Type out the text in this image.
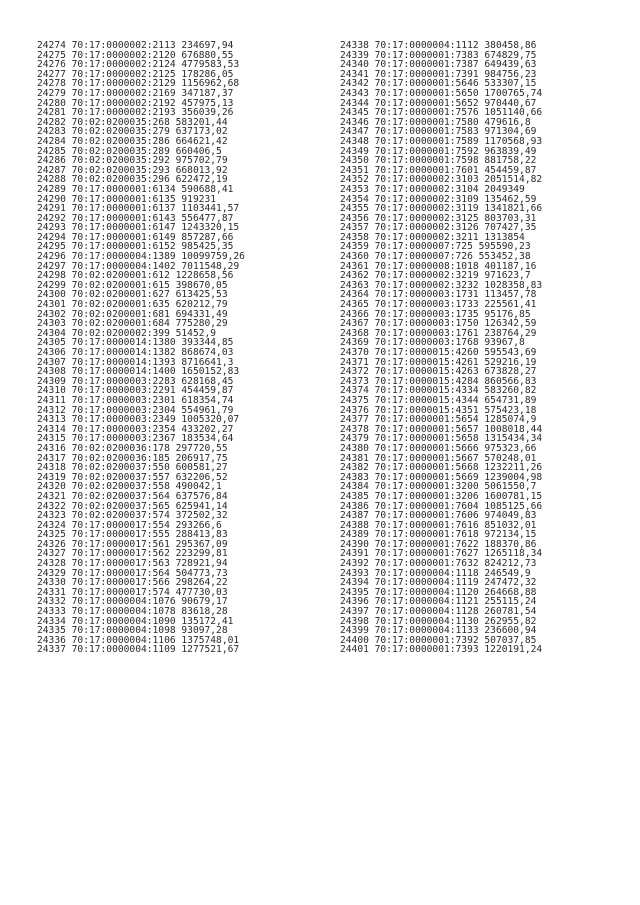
24274 70:17:0000002:2113 234697,94
24275 70:17:0000002:2120 676880,55
24276 70:17:0000002:2124 4779583,53
24277 70:17:0000002:2125 178286,05
24278 70:17:0000002:2129 1156962,68
24279 70:17:0000002:2169 347187,37
24280 70:17:0000002:2192 457975,13
24281 70:17:0000002:2193 356039,26
24282 70:02:0200035:268 583201,44
24283 70:02:0200035:279 637173,02
24284 70:02:0200035:286 664621,42
24285 70:02:0200035:289 660406,5
24286 70:02:0200035:292 975702,79
24287 70:02:0200035:293 668013,92
24288 70:02:0200035:296 622472,19
24289 70:17:0000001:6134 590688,41
24290 70:17:0000001:6135 919231
24291 70:17:0000001:6137 1103441,57
24292 70:17:0000001:6143 556477,87
24293 70:17:0000001:6147 1243320,15
24294 70:17:0000001:6149 857287,66
24295 70:17:0000001:6152 985425,35
24296 70:17:0000004:1389 10099759,26
24297 70:17:0000004:1402 7011548,29
24298 70:02:0200001:612 1228658,56
24299 70:02:0200001:615 398670,05
24300 70:02:0200001:627 613425,53
24301 70:02:0200001:635 620212,79
24302 70:02:0200001:681 694331,49
24303 70:02:0200001:684 775280,29
24304 70:02:0200002:399 51452,9
24305 70:17:0000014:1380 393344,85
24306 70:17:0000014:1382 868674,03
24307 70:17:0000014:1393 8716641,3
24308 70:17:0000014:1400 1650152,83
24309 70:17:0000003:2283 628168,45
24310 70:17:0000003:2291 454459,87
24311 70:17:0000003:2301 618354,74
24312 70:17:0000003:2304 554961,79
24313 70:17:0000003:2349 1005320,07
24314 70:17:0000003:2354 433202,27
24315 70:17:0000003:2367 183534,64
24316 70:02:0200036:178 297720,55
24317 70:02:0200036:185 206917,75
24318 70:02:0200037:550 600581,27
24319 70:02:0200037:557 632206,52
24320 70:02:0200037:558 490042,1
24321 70:02:0200037:564 637576,84
24322 70:02:0200037:565 625941,14
24323 70:02:0200037:574 372502,32
24324 70:17:0000017:554 293266,6
24325 70:17:0000017:555 288413,83
24326 70:17:0000017:561 295367,09
24327 70:17:0000017:562 223299,81
24328 70:17:0000017:563 728921,94
24329 70:17:0000017:564 504773,73
24330 70:17:0000017:566 298264,22
24331 70:17:0000017:574 477730,03
24332 70:17:0000004:1076 90679,17
24333 70:17:0000004:1078 83618,28
24334 70:17:0000004:1090 135172,41
24335 70:17:0000004:1098 93097,28
24336 70:17:0000004:1106 1375748,01
24337 70:17:0000004:1109 1277521,67
24338 70:17:0000004:1112 380458,86
24339 70:17:0000001:7383 674829,75
24340 70:17:0000001:7387 649439,63
24341 70:17:0000001:7391 984756,23
24342 70:17:0000001:5646 533307,15
24343 70:17:0000001:5650 1700765,74
24344 70:17:0000001:5652 970440,67
24345 70:17:0000001:7576 1051140,66
24346 70:17:0000001:7580 479616,8
24347 70:17:0000001:7583 971304,69
24348 70:17:0000001:7589 1170568,93
24349 70:17:0000001:7592 963839,49
24350 70:17:0000001:7598 881758,22
24351 70:17:0000001:7601 454459,87
24352 70:17:0000002:3103 2051514,82
24353 70:17:0000002:3104 2049349
24354 70:17:0000002:3109 135462,59
24355 70:17:0000002:3119 1341821,66
24356 70:17:0000002:3125 803703,31
24357 70:17:0000002:3126 707427,35
24358 70:17:0000002:3211 1313854
24359 70:17:0000007:725 595590,23
24360 70:17:0000007:726 553452,38
24361 70:17:0000008:1018 401187,16
24362 70:17:0000002:3219 971623,7
24363 70:17:0000002:3232 1028358,83
24364 70:17:0000003:1731 113457,78
24365 70:17:0000003:1733 225561,41
24366 70:17:0000003:1735 95176,85
24367 70:17:0000003:1750 126342,59
24368 70:17:0000003:1761 238764,29
24369 70:17:0000003:1768 93967,8
24370 70:17:0000015:4260 595543,69
24371 70:17:0000015:4261 529216,19
24372 70:17:0000015:4263 673828,27
24373 70:17:0000015:4284 860566,83
24374 70:17:0000015:4334 583260,82
24375 70:17:0000015:4344 654731,89
24376 70:17:0000015:4351 575423,18
24377 70:17:0000001:5654 1285074,9
24378 70:17:0000001:5657 1008018,44
24379 70:17:0000001:5658 1315434,34
24380 70:17:0000001:5666 975323,66
24381 70:17:0000001:5667 570248,01
24382 70:17:0000001:5668 1232211,26
24383 70:17:0000001:5669 1239004,98
24384 70:17:0000001:3200 5061550,7
24385 70:17:0000001:3206 1600781,15
24386 70:17:0000001:7604 1085125,66
24387 70:17:0000001:7606 974049,83
24388 70:17:0000001:7616 851032,01
24389 70:17:0000001:7618 972134,15
24390 70:17:0000001:7622 188370,86
24391 70:17:0000001:7627 1265118,34
24392 70:17:0000001:7632 824212,73
24393 70:17:0000004:1118 246549,9
24394 70:17:0000004:1119 247472,32
24395 70:17:0000004:1120 264668,88
24396 70:17:0000004:1121 255115,24
24397 70:17:0000004:1128 260781,54
24398 70:17:0000004:1130 262955,82
24399 70:17:0000004:1133 236600,94
24400 70:17:0000001:7392 507037,85
24401 70:17:0000001:7393 1220191,24
